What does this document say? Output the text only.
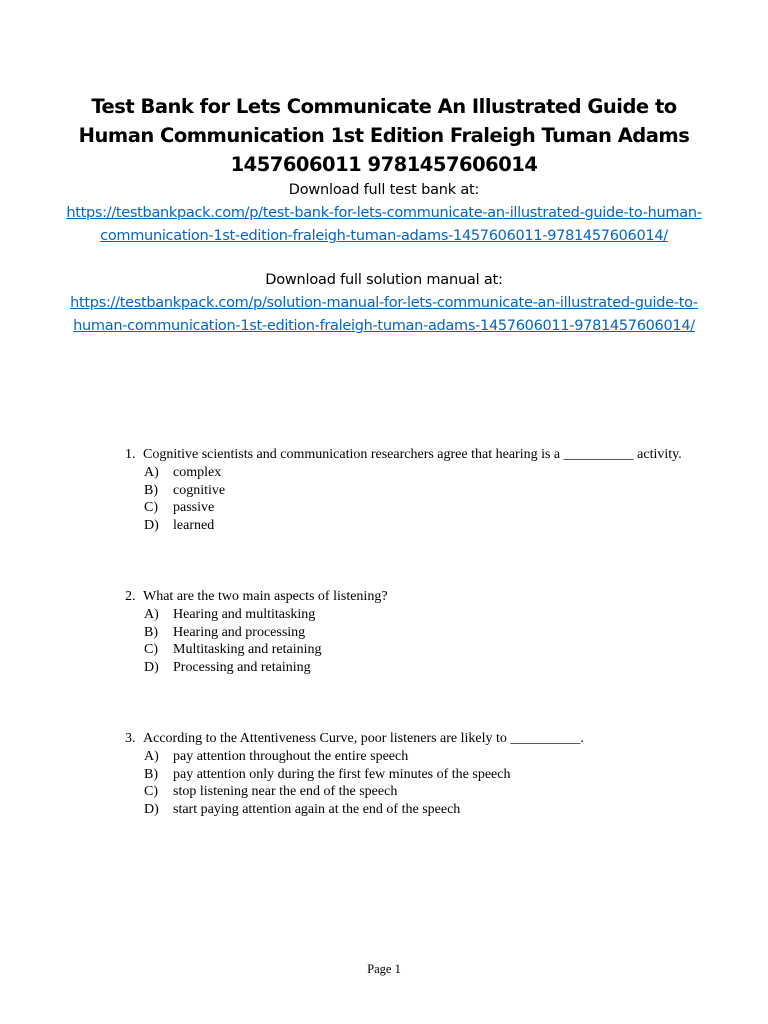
Test Bank for Lets Communicate An Illustrated Guide to Human Communication 1st Edition Fraleigh Tuman Adams 1457606011 9781457606014

Download full test bank at:

https://testbankpack.com/p/test-bank-for-lets-communicate-an-illustrated-guide-to-human-communication-1st-edition-fraleigh-tuman-adams-1457606011-9781457606014/

Download full solution manual at:

https://testbankpack.com/p/solution-manual-for-lets-communicate-an-illustrated-guide-to-human-communication-1st-edition-fraleigh-tuman-adams-1457606011-9781457606014/
1. Cognitive scientists and communication researchers agree that hearing is a __________ activity.
A)	complex
B)	cognitive
C)	passive
D)	learned
2. What are the two main aspects of listening?
A)	Hearing and multitasking
B)	Hearing and processing
C)	Multitasking and retaining
D)	Processing and retaining
3. According to the Attentiveness Curve, poor listeners are likely to __________.
A)	pay attention throughout the entire speech
B)	pay attention only during the first few minutes of the speech
C)	stop listening near the end of the speech
D)	start paying attention again at the end of the speech
Page 1
